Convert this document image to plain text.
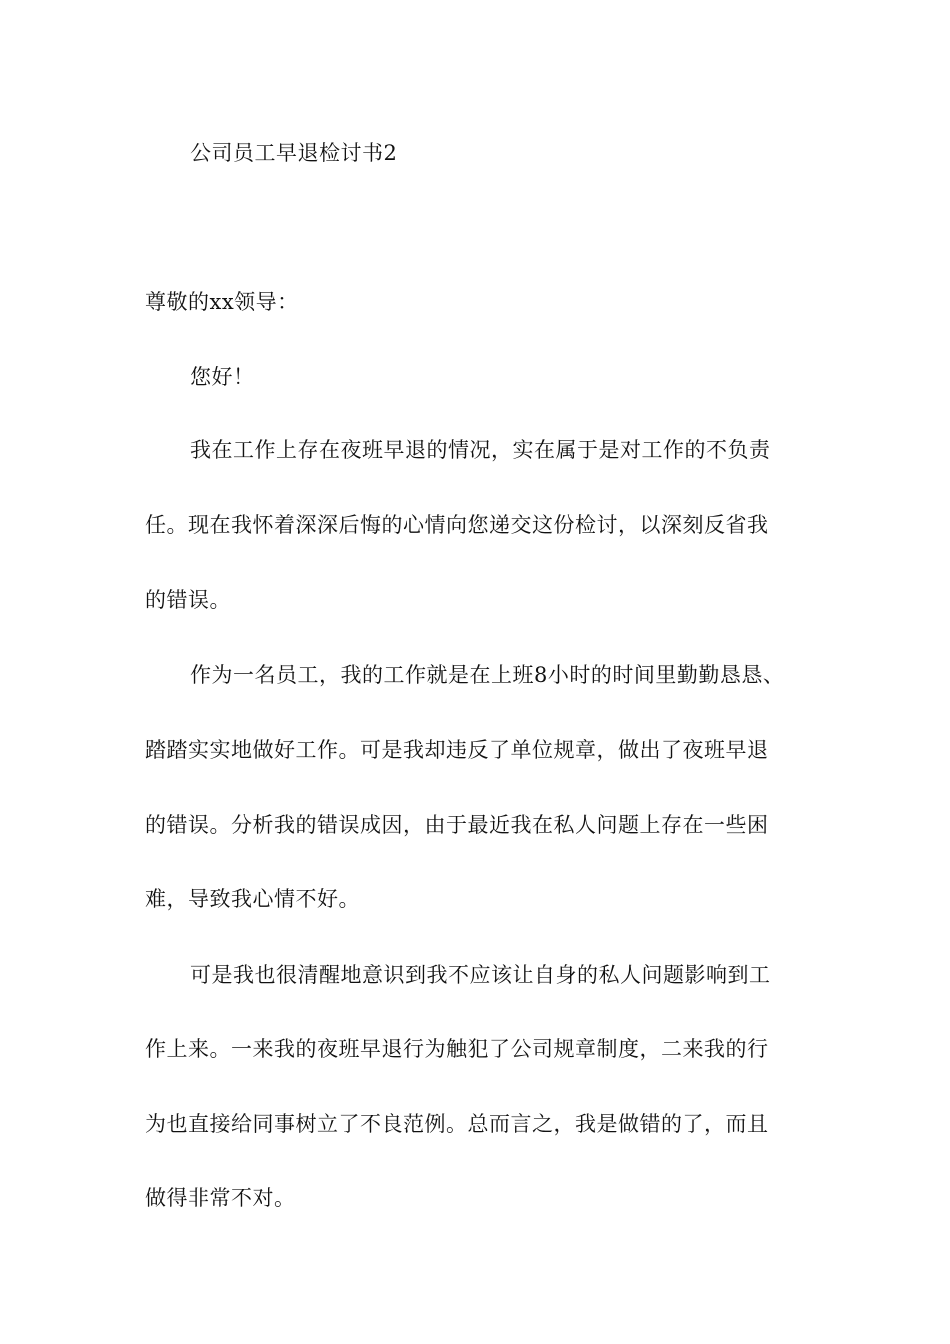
公司员工早退检讨书2
尊敬的xx领导：
您好！
我在工作上存在夜班早退的情况，实在属于是对工作的不负责
任。现在我怀着深深后悔的心情向您递交这份检讨，以深刻反省我
的错误。
作为一名员工，我的工作就是在上班8小时的时间里勤勤恳恳、
踏踏实实地做好工作。可是我却违反了单位规章，做出了夜班早退
的错误。分析我的错误成因，由于最近我在私人问题上存在一些困
难，导致我心情不好。
可是我也很清醒地意识到我不应该让自身的私人问题影响到工
作上来。一来我的夜班早退行为触犯了公司规章制度，二来我的行
为也直接给同事树立了不良范例。总而言之，我是做错的了，而且
做得非常不对。
